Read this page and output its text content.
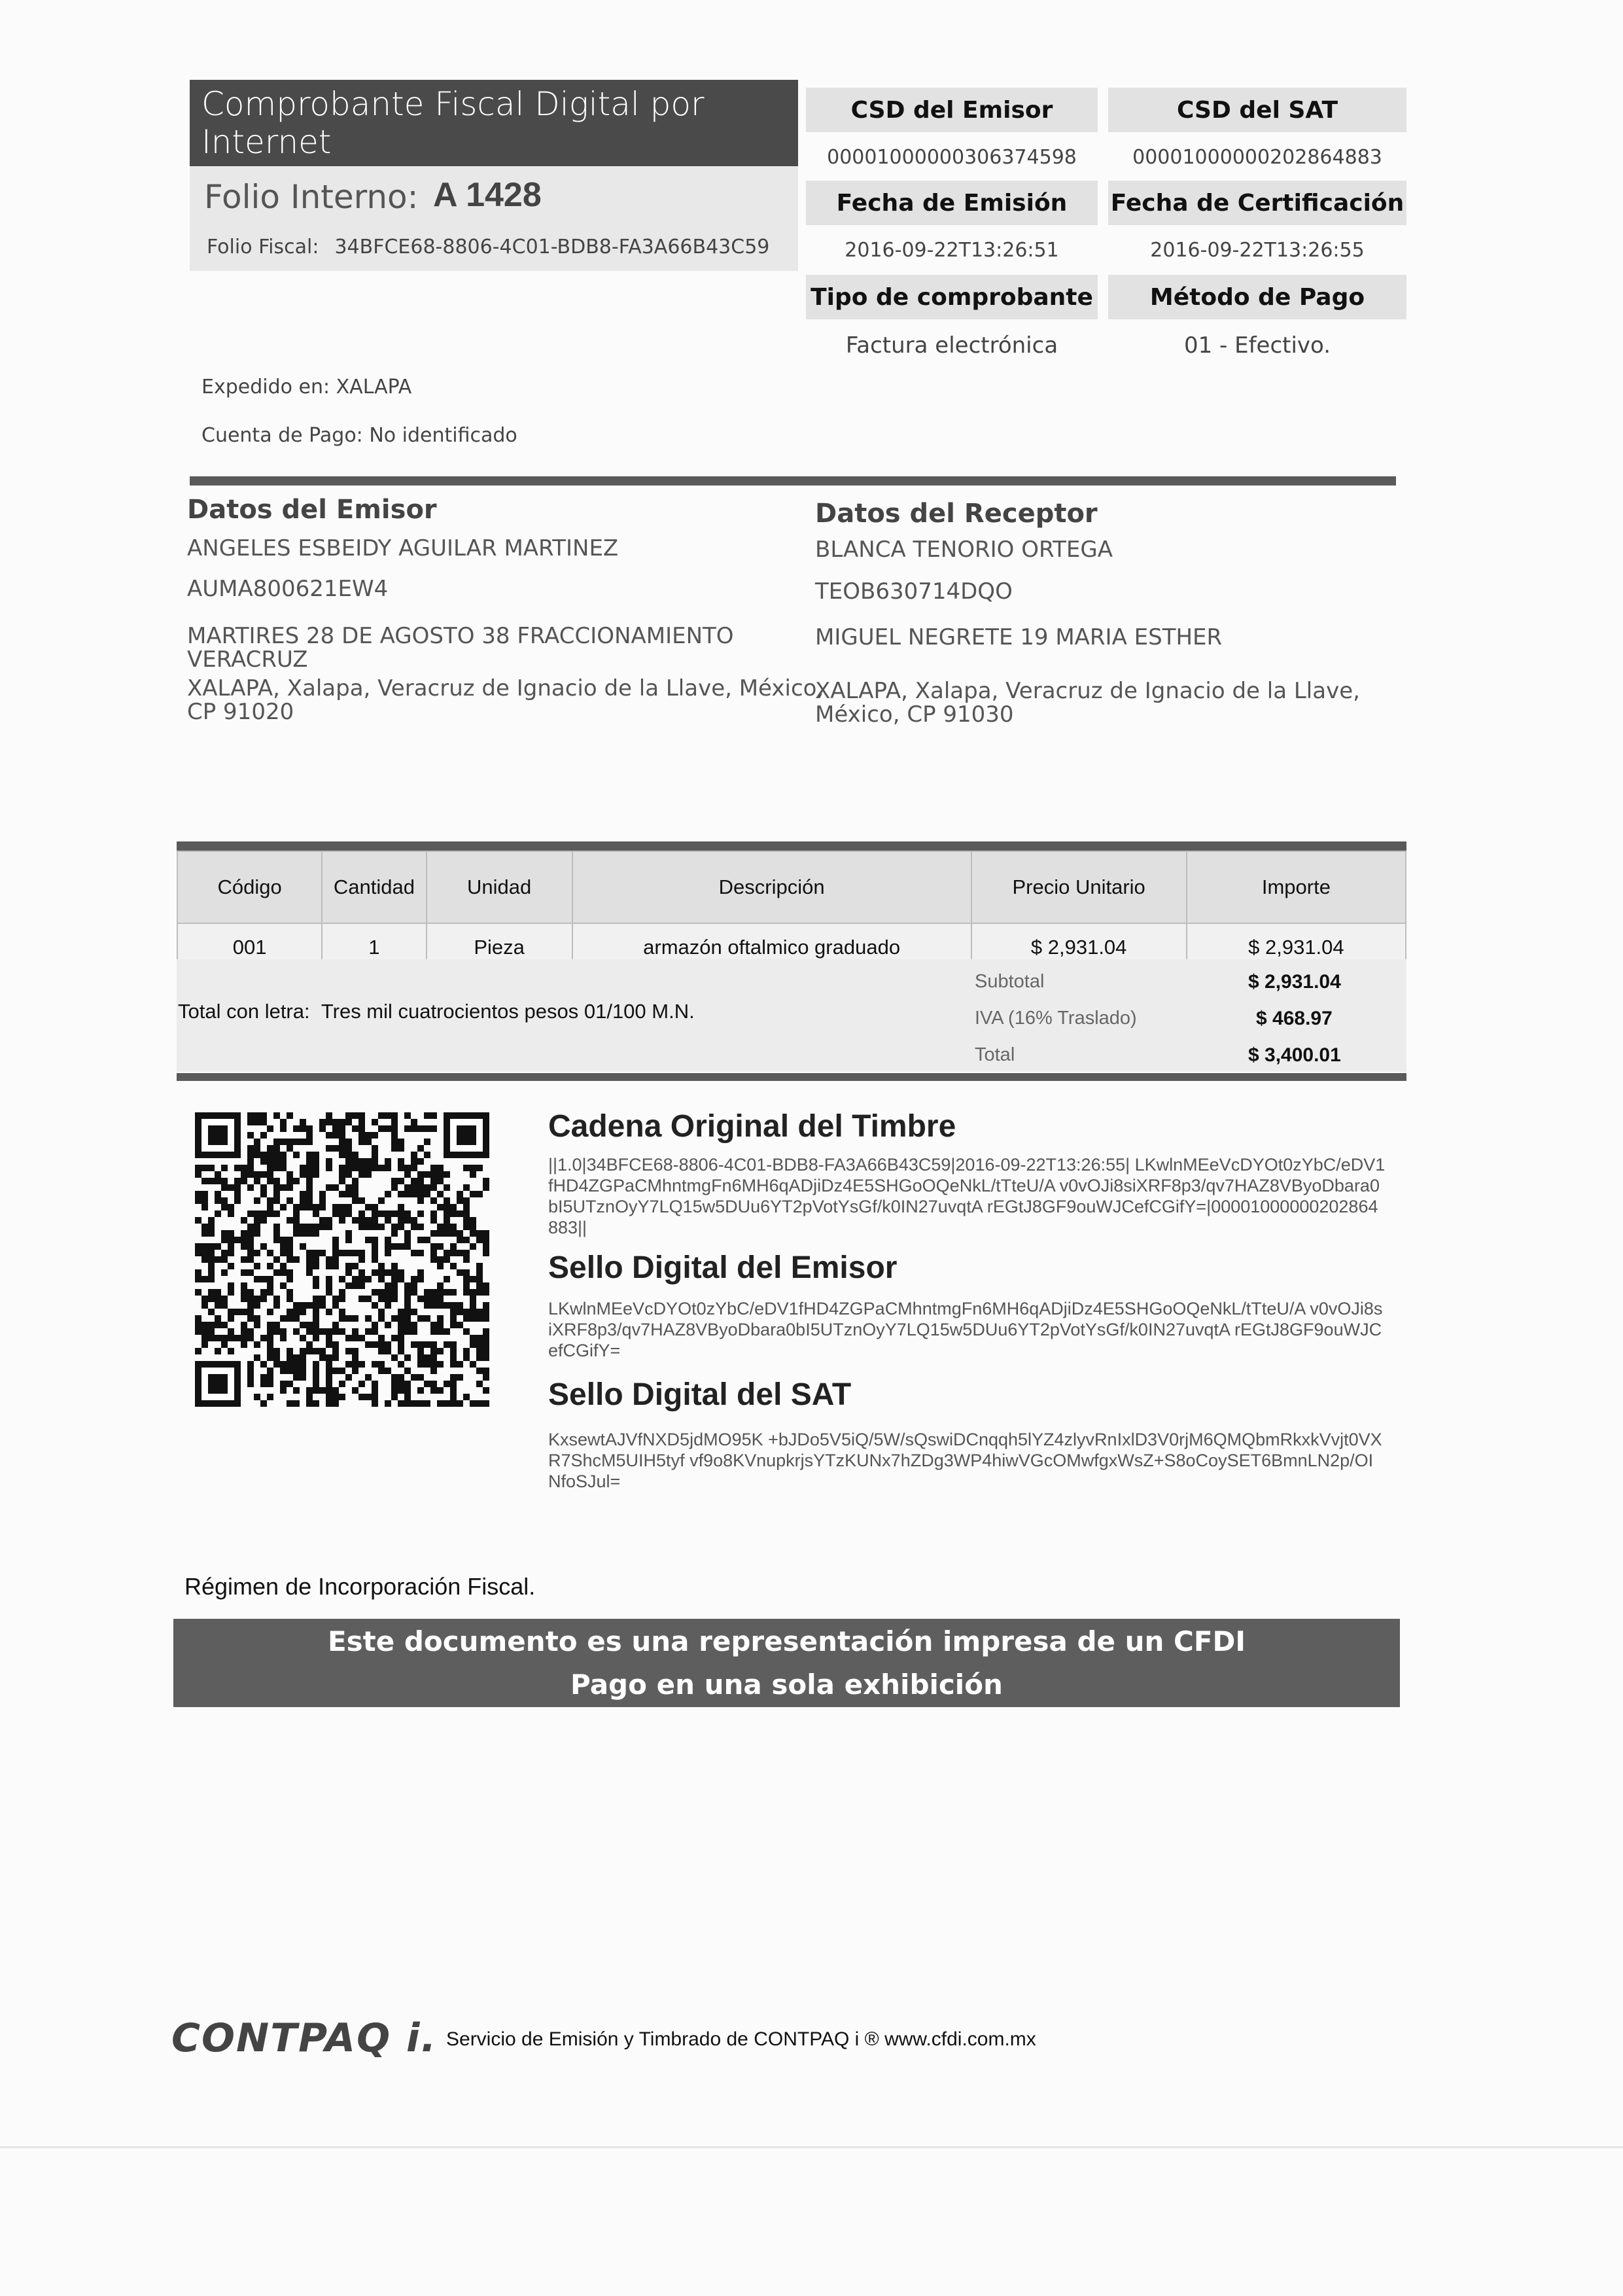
Comprobante Fiscal Digital por Internet
Folio Interno: A 1428
Folio Fiscal: 34BFCE68-8806-4C01-BDB8-FA3A66B43C59
CSD del Emisor	CSD del SAT
00001000000306374598	00001000000202864883
Fecha de Emisión	Fecha de Certificación
2016-09-22T13:26:51	2016-09-22T13:26:55
Tipo de comprobante	Método de Pago
Factura electrónica	01 - Efectivo.
Expedido en: XALAPA
Cuenta de Pago: No identificado
Datos del Emisor
ANGELES ESBEIDY AGUILAR MARTINEZ
AUMA800621EW4
MARTIRES 28 DE AGOSTO 38 FRACCIONAMIENTO
VERACRUZ
XALAPA, Xalapa, Veracruz de Ignacio de la Llave, México,
CP 91020
Datos del Receptor
BLANCA TENORIO ORTEGA
TEOB630714DQO
MIGUEL NEGRETE 19 MARIA ESTHER
XALAPA, Xalapa, Veracruz de Ignacio de la Llave,
México, CP 91030
Código	Cantidad	Unidad	Descripción	Precio Unitario	Importe
001	1	Pieza	armazón oftalmico graduado	$ 2,931.04	$ 2,931.04
Total con letra: Tres mil cuatrocientos pesos 01/100 M.N.
Subtotal	$ 2,931.04
IVA (16% Traslado)	$ 468.97
Total	$ 3,400.01
Cadena Original del Timbre
||1.0|34BFCE68-8806-4C01-BDB8-FA3A66B43C59|2016-09-22T13:26:55| LKwlnMEeVcDYOt0zYbC/eDV1fHD4ZGPaCMhntmgFn6MH6qADjiDz4E5SHGoOQeNkL/tTteU/A v0vOJi8siXRF8p3/qv7HAZ8VByoDbara0bI5UTznOyY7LQ15w5DUu6YT2pVotYsGf/k0IN27uvqtA rEGtJ8GF9ouWJCefCGifY=|00001000000202864883||
Sello Digital del Emisor
LKwlnMEeVcDYOt0zYbC/eDV1fHD4ZGPaCMhntmgFn6MH6qADjiDz4E5SHGoOQeNkL/tTteU/A v0vOJi8siXRF8p3/qv7HAZ8VByoDbara0bI5UTznOyY7LQ15w5DUu6YT2pVotYsGf/k0IN27uvqtA rEGtJ8GF9ouWJCefCGifY=
Sello Digital del SAT
KxsewtAJVfNXD5jdMO95K +bJDo5V5iQ/5W/sQswiDCnqqh5lYZ4zlyvRnIxlD3V0rjM6QMQbmRkxkVvjt0VXR7ShcM5UIH5tyf vf9o8KVnupkrjsYTzKUNx7hZDg3WP4hiwVGcOMwfgxWsZ+S8oCoySET6BmnLN2p/OINfoSJul=
Régimen de Incorporación Fiscal.
Este documento es una representación impresa de un CFDI
Pago en una sola exhibición
CONTPAQ i. Servicio de Emisión y Timbrado de CONTPAQ i ® www.cfdi.com.mx
